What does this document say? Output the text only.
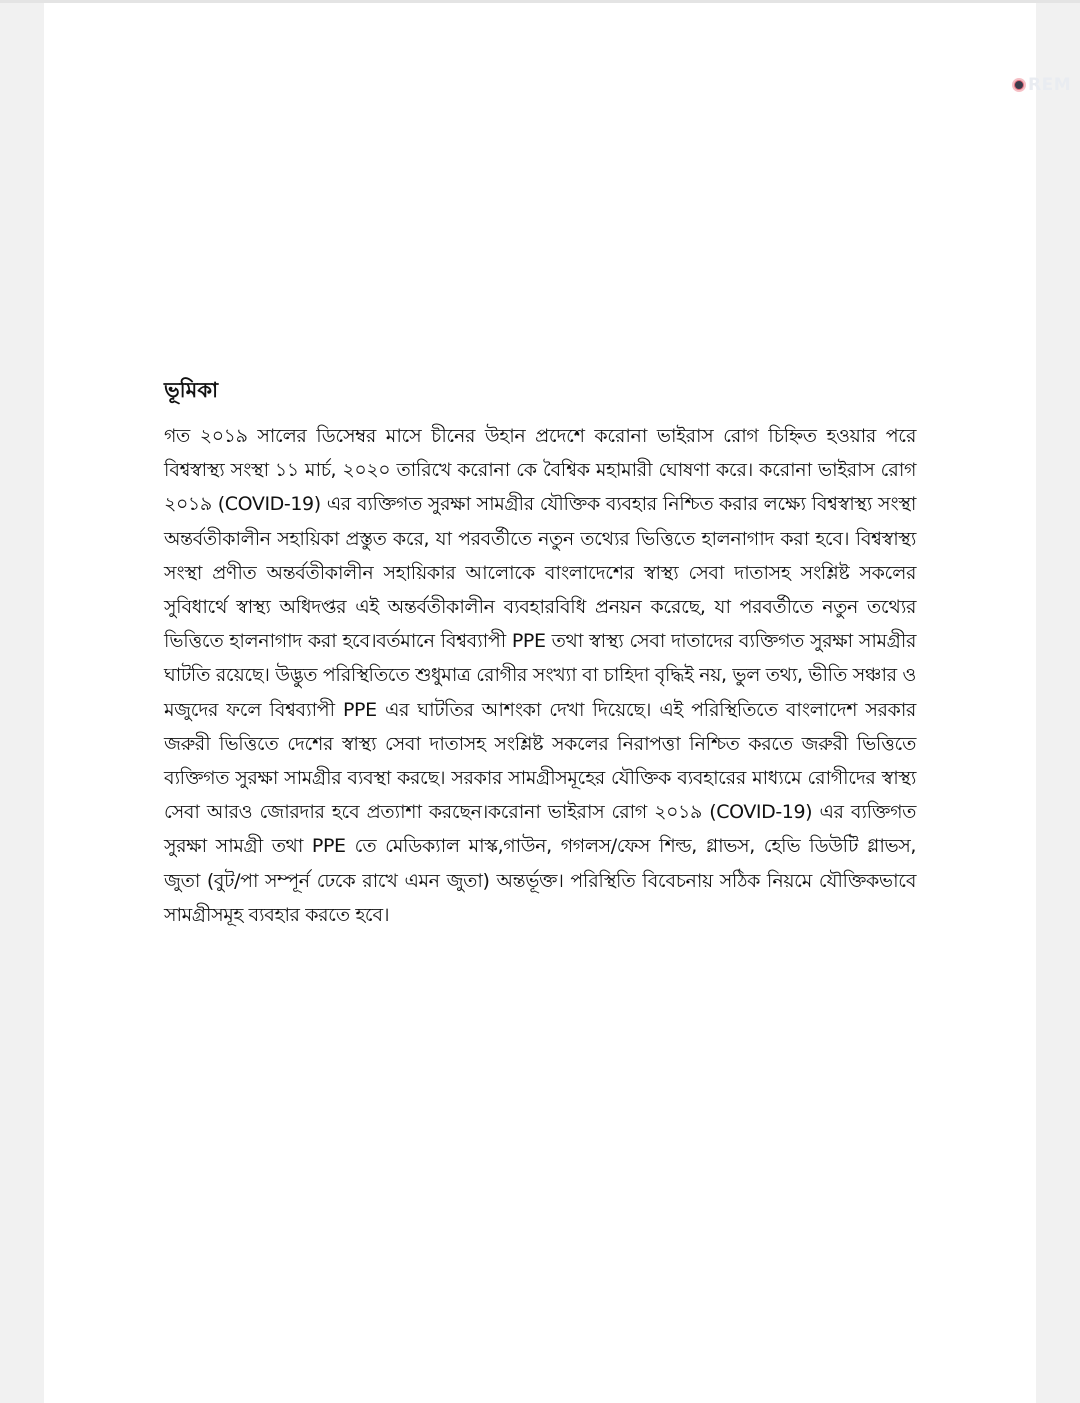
ভূমিকা

গত ২০১৯ সালের ডিসেম্বর মাসে চীনের উহান প্রদেশে করোনা ভাইরাস রোগ চিহ্নিত হওয়ার পরে বিশ্বস্বাস্থ্য সংস্থা ১১ মার্চ, ২০২০ তারিখে করোনা কে বৈশ্বিক মহামারী ঘোষণা করে। করোনা ভাইরাস রোগ ২০১৯ (COVID-19) এর ব্যক্তিগত সুরক্ষা সামগ্রীর যৌক্তিক ব্যবহার নিশ্চিত করার লক্ষ্যে বিশ্বস্বাস্থ্য সংস্থা অন্তর্বতীকালীন সহায়িকা প্রস্তুত করে, যা পরবর্তীতে নতুন তথ্যের ভিত্তিতে হালনাগাদ করা হবে। বিশ্বস্বাস্থ্য সংস্থা প্রণীত অন্তর্বতীকালীন সহায়িকার আলোকে বাংলাদেশের স্বাস্থ্য সেবা দাতাসহ সংশ্লিষ্ট সকলের সুবিধার্থে স্বাস্থ্য অধিদপ্তর এই অন্তর্বতীকালীন ব্যবহারবিধি প্রনয়ন করেছে, যা পরবর্তীতে নতুন তথ্যের ভিত্তিতে হালনাগাদ করা হবে।বর্তমানে বিশ্বব্যাপী PPE তথা স্বাস্থ্য সেবা দাতাদের ব্যক্তিগত সুরক্ষা সামগ্রীর ঘাটতি রয়েছে। উদ্ভুত পরিস্থিতিতে শুধুমাত্র রোগীর সংখ্যা বা চাহিদা বৃদ্ধিই নয়, ভুল তথ্য, ভীতি সঞ্চার ও মজুদের ফলে বিশ্বব্যাপী PPE এর ঘাটতির আশংকা দেখা দিয়েছে। এই পরিস্থিতিতে বাংলাদেশ সরকার জরুরী ভিত্তিতে দেশের স্বাস্থ্য সেবা দাতাসহ সংশ্লিষ্ট সকলের নিরাপত্তা নিশ্চিত করতে জরুরী ভিত্তিতে ব্যক্তিগত সুরক্ষা সামগ্রীর ব্যবস্থা করছে। সরকার সামগ্রীসমূহের যৌক্তিক ব্যবহারের মাধ্যমে রোগীদের স্বাস্থ্য সেবা আরও জোরদার হবে প্রত্যাশা করছেন।করোনা ভাইরাস রোগ ২০১৯ (COVID-19) এর ব্যক্তিগত সুরক্ষা সামগ্রী তথা PPE তে মেডিক্যাল মাস্ক,গাউন, গগলস/ফেস শিল্ড, গ্লাভস, হেভি ডিউটি গ্লাভস, জুতা (বুট/পা সম্পূর্ন ঢেকে রাখে এমন জুতা) অন্তর্ভূক্ত। পরিস্থিতি বিবেচনায় সঠিক নিয়মে যৌক্তিকভাবে সামগ্রীসমূহ ব্যবহার করতে হবে।

REM
